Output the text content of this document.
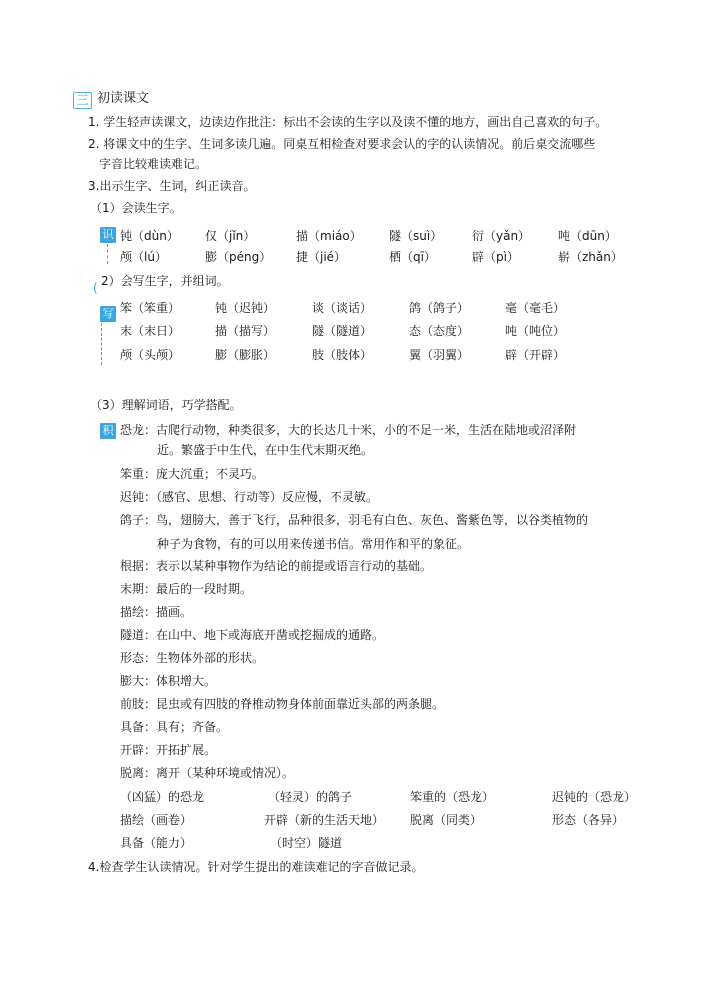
三 初读课文
1. 学生轻声读课文，边读边作批注：标出不会读的生字以及读不懂的地方，画出自己喜欢的句子。
2. 将课文中的生字、生词多读几遍。同桌互相检查对要求会认的字的认读情况。前后桌交流哪些
字音比较难读难记。
3.出示生字、生词，纠正读音。
（1）会读生字。
识 钝（dùn） 仅（jǐn）	描（miáo） 隧（suì） 衍（yǎn） 吨（dūn）
颅（lú）	膨（péng） 捷（jié）	栖（qī）	辟（pì）	崭（zhǎn）
( 2）会写生字，并组词。
写 笨（笨重）	钝（迟钝）	谈（谈话）	鸽（鸽子）	毫（毫毛）
末（末日）	描（描写）	隧（隧道）	态（态度）	吨（吨位）
颅（头颅）	膨（膨胀）	肢（肢体）	翼（羽翼）	辟（开辟）
（3）理解词语，巧学搭配。
积 恐龙：古爬行动物，种类很多，大的长达几十米，小的不足一米，生活在陆地或沼泽附
近。繁盛于中生代，在中生代末期灭绝。
笨重：庞大沉重；不灵巧。
迟钝：（感官、思想、行动等）反应慢，不灵敏。
鸽子：鸟，翅膀大，善于飞行，品种很多，羽毛有白色、灰色、酱紫色等，以谷类植物的
种子为食物，有的可以用来传递书信。常用作和平的象征。
根据：表示以某种事物作为结论的前提或语言行动的基础。
末期：最后的一段时期。
描绘：描画。
隧道：在山中、地下或海底开凿或挖掘成的通路。
形态：生物体外部的形状。
膨大：体积增大。
前肢：昆虫或有四肢的脊椎动物身体前面靠近头部的两条腿。
具备：具有；齐备。
开辟：开拓扩展。
脱离：离开（某种环境或情况）。
（凶猛）的恐龙	（轻灵）的鸽子	笨重的（恐龙）	迟钝的（恐龙）
描绘（画卷）	开辟（新的生活天地） 脱离（同类）	形态（各异）
具备（能力）	（时空）隧道
4.检查学生认读情况。针对学生提出的难读难记的字音做记录。
